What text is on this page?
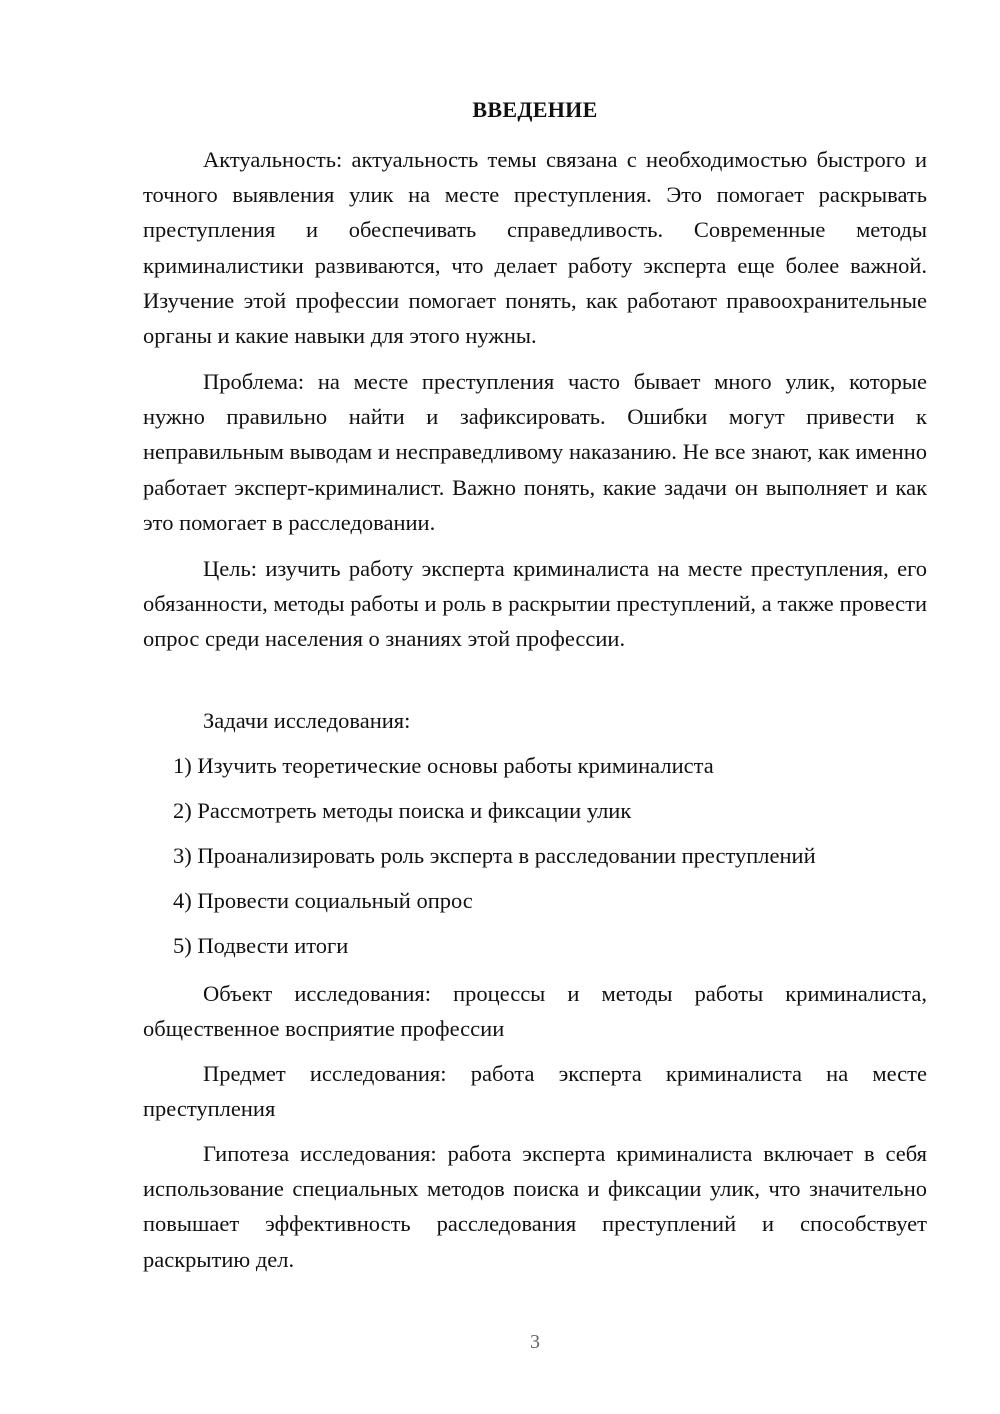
ВВЕДЕНИЕ

Актуальность: актуальность темы связана с необходимостью быстрого и точного выявления улик на месте преступления. Это помогает раскрывать преступления и обеспечивать справедливость. Современные методы криминалистики развиваются, что делает работу эксперта еще более важной. Изучение этой профессии помогает понять, как работают правоохранительные органы и какие навыки для этого нужны.

Проблема: на месте преступления часто бывает много улик, которые нужно правильно найти и зафиксировать. Ошибки могут привести к неправильным выводам и несправедливому наказанию. Не все знают, как именно работает эксперт-криминалист. Важно понять, какие задачи он выполняет и как это помогает в расследовании.

Цель: изучить работу эксперта криминалиста на месте преступления, его обязанности, методы работы и роль в раскрытии преступлений, а также провести опрос среди населения о знаниях этой профессии.

Задачи исследования:

1) Изучить теоретические основы работы криминалиста

2) Рассмотреть методы поиска и фиксации улик

3) Проанализировать роль эксперта в расследовании преступлений

4) Провести социальный опрос

5) Подвести итоги

Объект исследования: процессы и методы работы криминалиста, общественное восприятие профессии

Предмет исследования: работа эксперта криминалиста на месте преступления

Гипотеза исследования: работа эксперта криминалиста включает в себя использование специальных методов поиска и фиксации улик, что значительно повышает эффективность расследования преступлений и способствует раскрытию дел.

3
